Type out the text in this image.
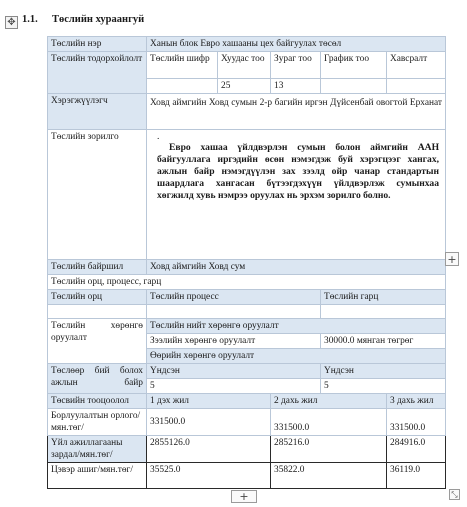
✥ 1.1. Төслийн хураангуй
Төслийн нэр	Ханын блок Евро хашааны цех байгуулах төсөл				
Төслийн тодорхойлолт	Төслийн шифр	Хуудас тоо	Зураг тоо	График тоо	Хавсралт
		25	13		
Хэрэгжүүлэгч	Ховд аймгийн Ховд сумын 2-р багийн иргэн Дүйсенбай овогтой Ерханат				

Төслийн зорилго	.
Евро хашаа үйлдвэрлэн сумын болон аймгийн ААН байгууллага иргэдийн өсөн нэмэгдэж буй хэрэгцээг хангах, ажлын байр нэмэгдүүлэн зах зээлд ойр чанар стандартын шаардлага хангасан бүтээгдэхүүн үйлдвэрлэж сумынхаа хөгжилд хувь нэмрээ оруулах нь эрхэм зорилго болно.				

Төслийн байршил	Ховд аймгийн Ховд сум				
Төслийн орц, процесс, гарц					
Төслийн орц	Төслийн процесс			Төслийн гарц	

Төслийн хөрөнгө оруулалт	Төслийн нийт хөрөнгө оруулалт				
	Зээлийн хөрөнгө оруулалт			30000.0 мянган төгрөг	
	Өөрийн хөрөнгө оруулалт				

Төслөөр бий болох ажлын байр	Үндсэн			Үндсэн	
	5			5	
Төсвийн тооцоолол	1 дэх жил		2 дахь жил		3 дахь жил
Борлуулалтын орлого/мян.төг/	331500.0		331500.0		331500.0
Үйл ажиллагааны зардал/мян.төг/	2855126.0		285216.0		284916.0
Цэвэр ашиг/мян.төг/	35525.0		35822.0		36119.0
+
+	⤡
